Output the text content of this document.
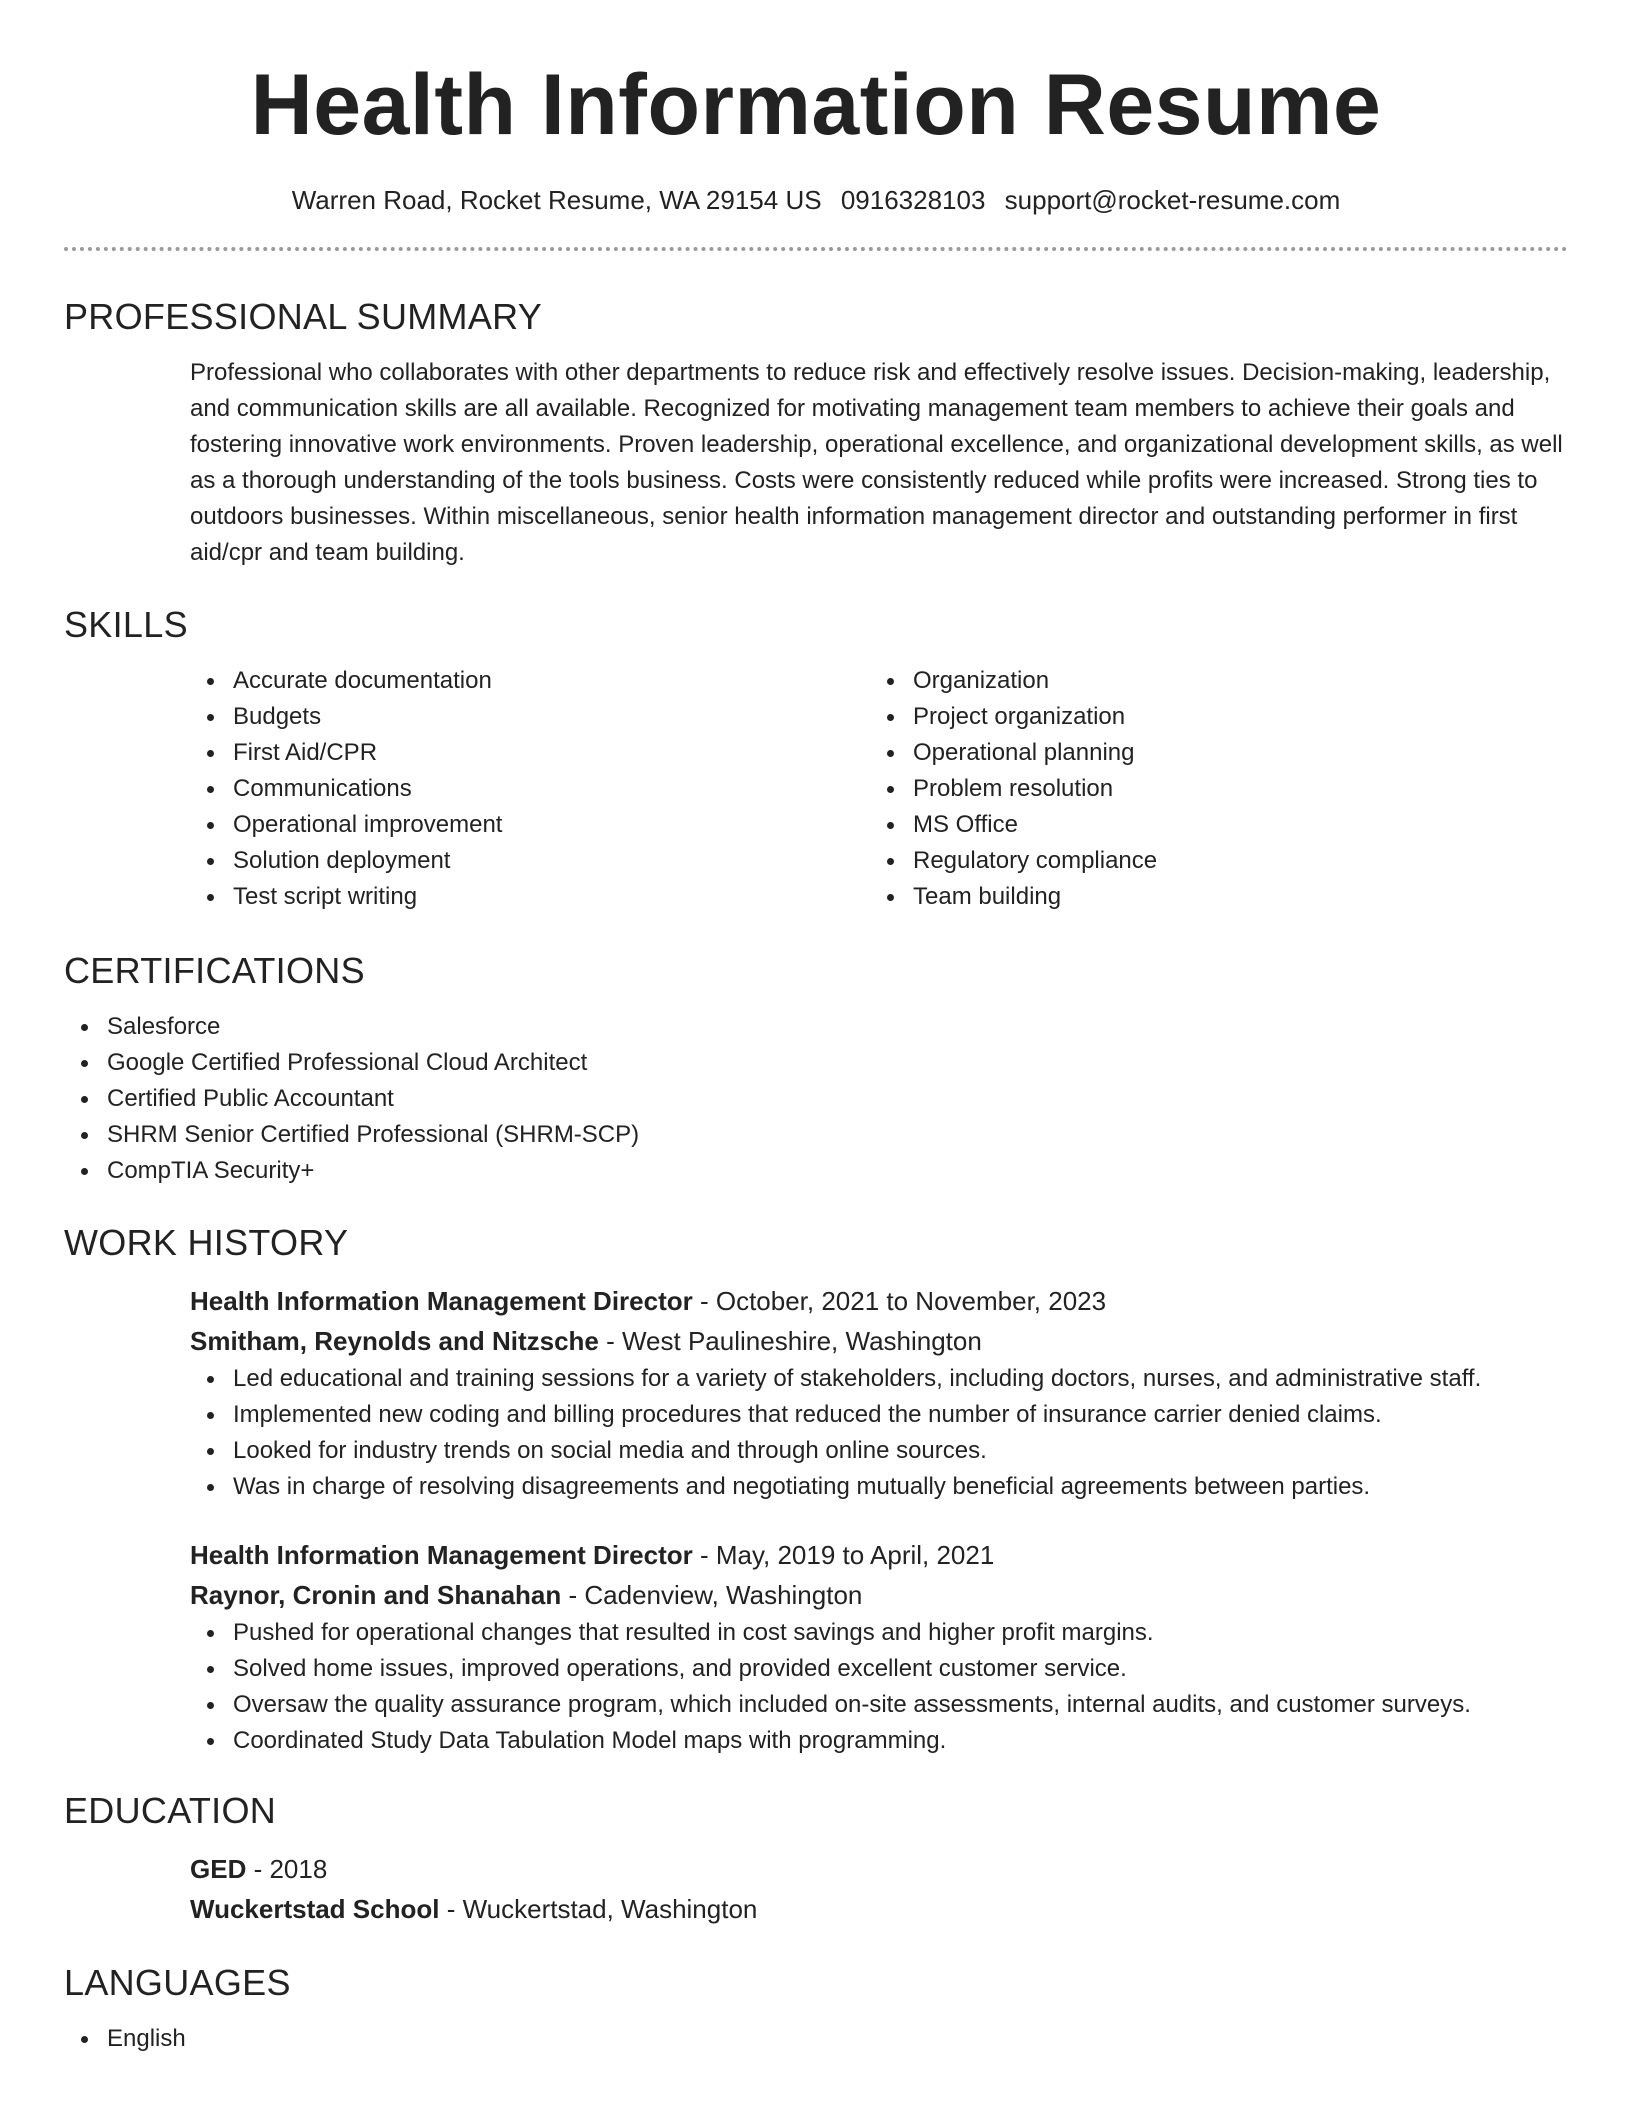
Health Information Resume
Warren Road, Rocket Resume, WA 29154 US 0916328103 support@rocket-resume.com
PROFESSIONAL SUMMARY

Professional who collaborates with other departments to reduce risk and effectively resolve issues. Decision-making, leadership, and communication skills are all available. Recognized for motivating management team members to achieve their goals and fostering innovative work environments. Proven leadership, operational excellence, and organizational development skills, as well as a thorough understanding of the tools business. Costs were consistently reduced while profits were increased. Strong ties to outdoors businesses. Within miscellaneous, senior health information management director and outstanding performer in first aid/cpr and team building.

SKILLS
Accurate documentation
Budgets
First Aid/CPR
Communications
Operational improvement
Solution deployment
Test script writing
Organization
Project organization
Operational planning
Problem resolution
MS Office
Regulatory compliance
Team building
CERTIFICATIONS
Salesforce
Google Certified Professional Cloud Architect
Certified Public Accountant
SHRM Senior Certified Professional (SHRM-SCP)
CompTIA Security+
WORK HISTORY
Health Information Management Director - October, 2021 to November, 2023
Smitham, Reynolds and Nitzsche - West Paulineshire, Washington
Led educational and training sessions for a variety of stakeholders, including doctors, nurses, and administrative staff.
Implemented new coding and billing procedures that reduced the number of insurance carrier denied claims.
Looked for industry trends on social media and through online sources.
Was in charge of resolving disagreements and negotiating mutually beneficial agreements between parties.
Health Information Management Director - May, 2019 to April, 2021
Raynor, Cronin and Shanahan - Cadenview, Washington
Pushed for operational changes that resulted in cost savings and higher profit margins.
Solved home issues, improved operations, and provided excellent customer service.
Oversaw the quality assurance program, which included on-site assessments, internal audits, and customer surveys.
Coordinated Study Data Tabulation Model maps with programming.
EDUCATION
GED - 2018
Wuckertstad School - Wuckertstad, Washington
LANGUAGES
English
